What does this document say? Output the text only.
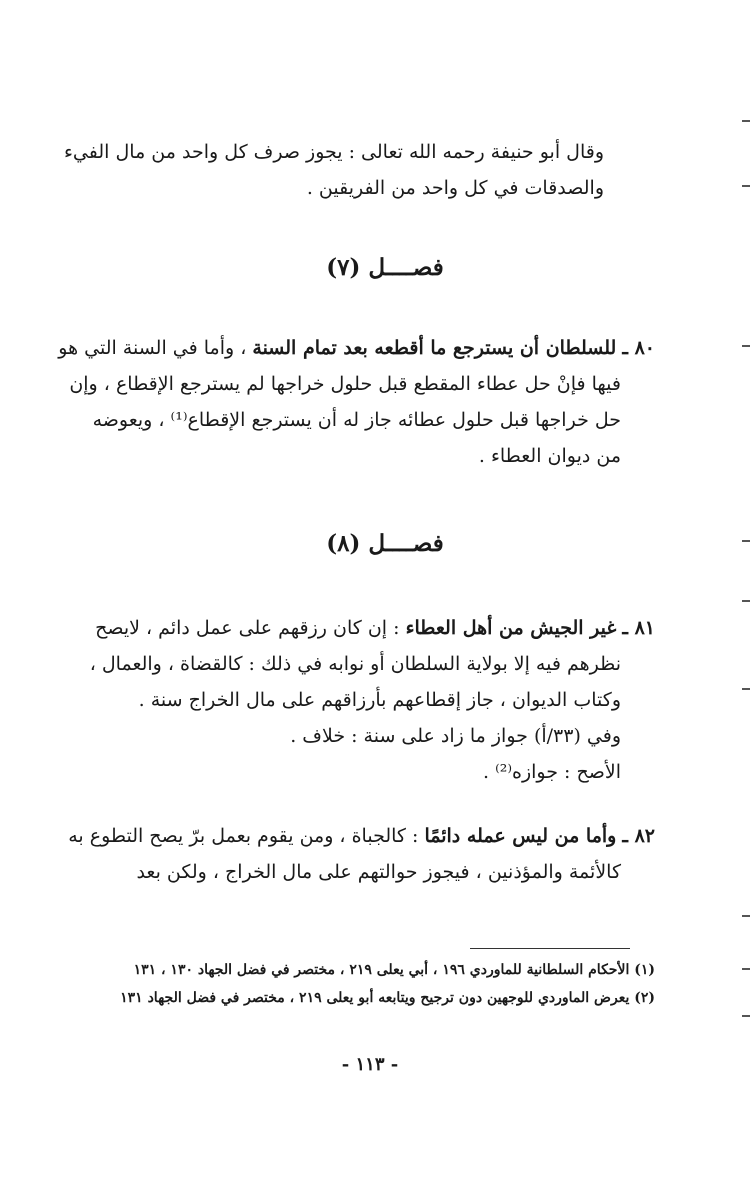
وقال أبو حنيفة رحمه الله تعالى : يجوز صرف كل واحد من مال الفيء
والصدقات في كل واحد من الفريقين .
فصــــل (٧)
٨٠ ـ للسلطان أن يسترجع ما أقطعه بعد تمام السنة ، وأما في السنة التي هو
فيها فإنْ حل عطاء المقطع قبل حلول خراجها لم يسترجع الإقطاع ، وإن
حل خراجها قبل حلول عطائه جاز له أن يسترجع الإقطاع⁽¹⁾ ، ويعوضه
من ديوان العطاء .
فصــــل (٨)
٨١ ـ غير الجيش من أهل العطاء : إن كان رزقهم على عمل دائم ، لايصح
نظرهم فيه إلا بولاية السلطان أو نوابه في ذلك : كالقضاة ، والعمال ،
وكتاب الديوان ، جاز إقطاعهم بأرزاقهم على مال الخراج سنة .
وفي (٣٣/أ) جواز ما زاد على سنة : خلاف .
الأصح : جوازه⁽²⁾ .
٨٢ ـ وأما من ليس عمله دائمًا : كالجباة ، ومن يقوم بعمل برّ يصح التطوع به
كالأئمة والمؤذنين ، فيجوز حوالتهم على مال الخراج ، ولكن بعد
(١) الأحكام السلطانية للماوردي ١٩٦ ، أبي يعلى ٢١٩ ، مختصر في فضل الجهاد ١٣٠ ، ١٣١
(٢) يعرض الماوردي للوجهين دون ترجيح ويتابعه أبو يعلى ٢١٩ ، مختصر في فضل الجهاد ١٣١
- ١١٣ -
